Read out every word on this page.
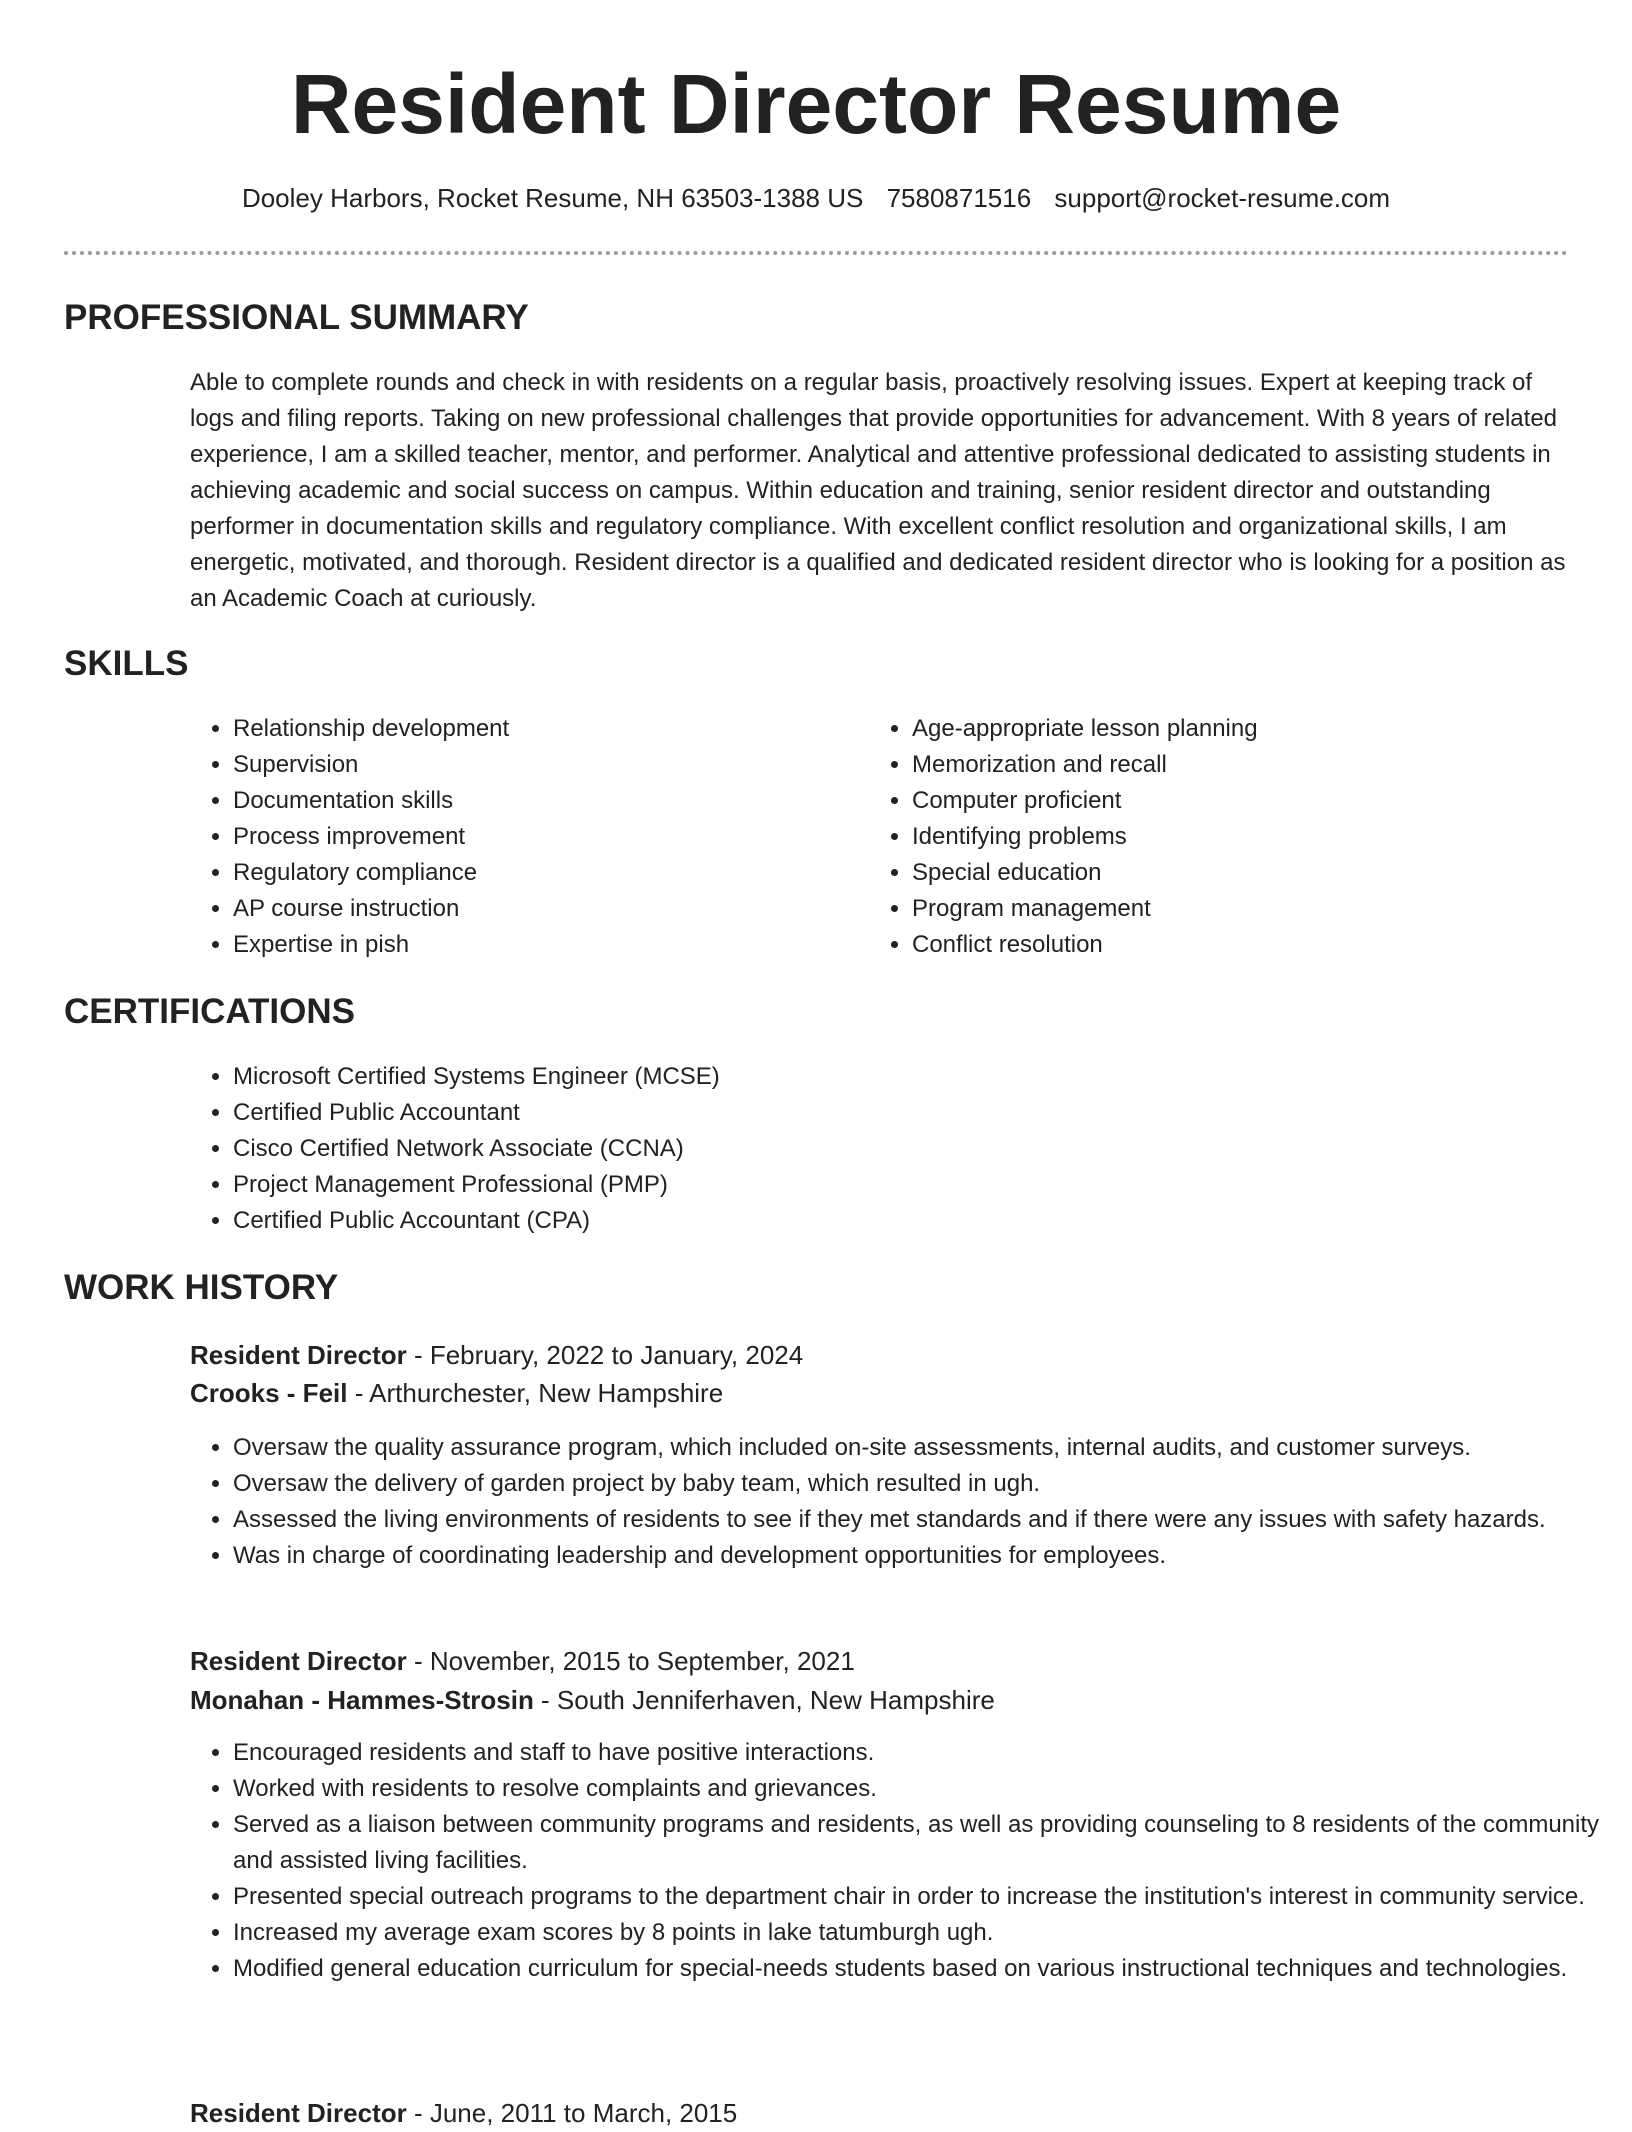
Resident Director Resume
Dooley Harbors, Rocket Resume, NH 63503-1388 US 7580871516 support@rocket-resume.com
PROFESSIONAL SUMMARY

Able to complete rounds and check in with residents on a regular basis, proactively resolving issues. Expert at keeping track of logs and filing reports. Taking on new professional challenges that provide opportunities for advancement. With 8 years of related experience, I am a skilled teacher, mentor, and performer. Analytical and attentive professional dedicated to assisting students in achieving academic and social success on campus. Within education and training, senior resident director and outstanding performer in documentation skills and regulatory compliance. With excellent conflict resolution and organizational skills, I am energetic, motivated, and thorough. Resident director is a qualified and dedicated resident director who is looking for a position as an Academic Coach at curiously.

SKILLS
• Relationship development
• Supervision
• Documentation skills
• Process improvement
• Regulatory compliance
• AP course instruction
• Expertise in pish
• Age-appropriate lesson planning
• Memorization and recall
• Computer proficient
• Identifying problems
• Special education
• Program management
• Conflict resolution
CERTIFICATIONS
• Microsoft Certified Systems Engineer (MCSE)
• Certified Public Accountant
• Cisco Certified Network Associate (CCNA)
• Project Management Professional (PMP)
• Certified Public Accountant (CPA)
WORK HISTORY
Resident Director - February, 2022 to January, 2024
Crooks - Feil - Arthurchester, New Hampshire
• Oversaw the quality assurance program, which included on-site assessments, internal audits, and customer surveys.
• Oversaw the delivery of garden project by baby team, which resulted in ugh.
• Assessed the living environments of residents to see if they met standards and if there were any issues with safety hazards.
• Was in charge of coordinating leadership and development opportunities for employees.
Resident Director - November, 2015 to September, 2021
Monahan - Hammes-Strosin - South Jenniferhaven, New Hampshire
• Encouraged residents and staff to have positive interactions.
• Worked with residents to resolve complaints and grievances.
• Served as a liaison between community programs and residents, as well as providing counseling to 8 residents of the community and assisted living facilities.
• Presented special outreach programs to the department chair in order to increase the institution's interest in community service.
• Increased my average exam scores by 8 points in lake tatumburgh ugh.
• Modified general education curriculum for special-needs students based on various instructional techniques and technologies.
Resident Director - June, 2011 to March, 2015
